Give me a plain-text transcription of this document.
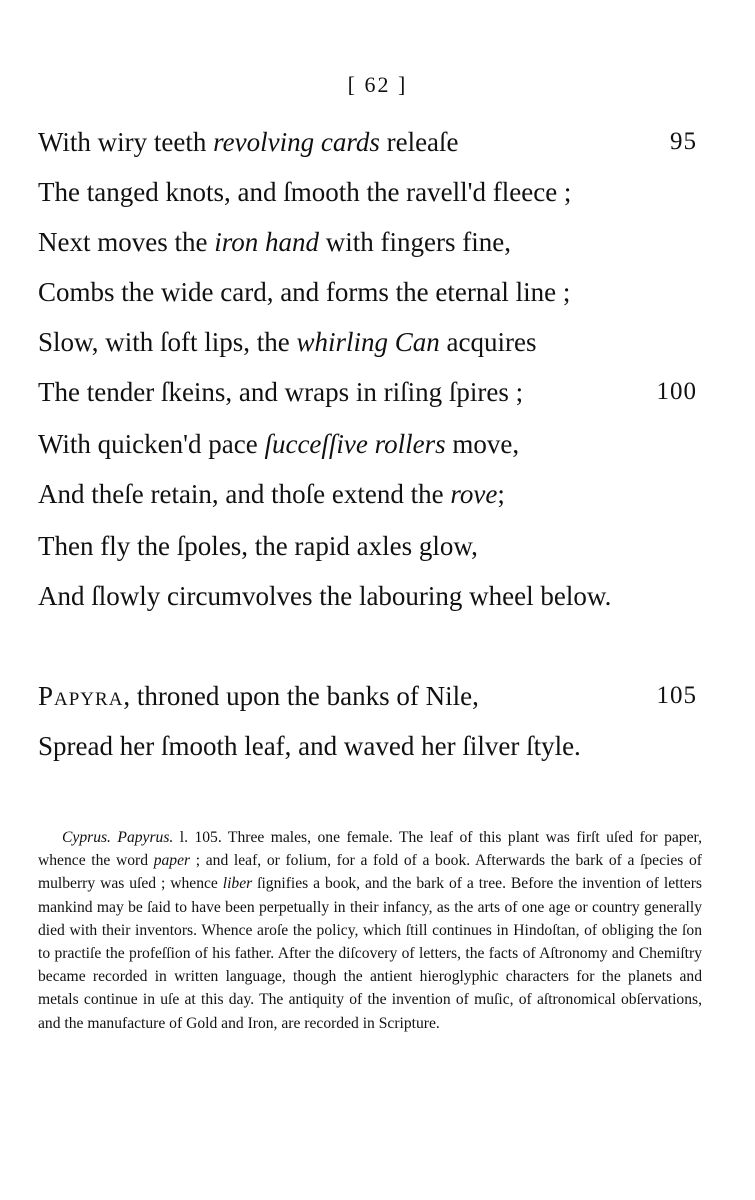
[ 62 ]
With wiry teeth revolving cards releaſe	95
The tanged knots, and ſmooth the ravell'd fleece ;
Next moves the iron hand with fingers fine,
Combs the wide card, and forms the eternal line ;
Slow, with ſoft lips, the whirling Can acquires
The tender ſkeins, and wraps in riſing ſpires ;	100
With quicken'd pace ſucceſſive rollers move,
And theſe retain, and thoſe extend the rove;
Then fly the ſpoles, the rapid axles glow,
And ſlowly circumvolves the labouring wheel below.
Papyra, throned upon the banks of Nile,	105
Spread her ſmooth leaf, and waved her ſilver ſtyle.
Cyprus. Papyrus. l. 105. Three males, one female. The leaf of this plant was firſt uſed for paper, whence the word paper ; and leaf, or folium, for a fold of a book. Afterwards the bark of a ſpecies of mulberry was uſed ; whence liber ſignifies a book, and the bark of a tree. Before the invention of letters mankind may be ſaid to have been perpetually in their infancy, as the arts of one age or country generally died with their inventors. Whence aroſe the policy, which ſtill continues in Hindoſtan, of obliging the ſon to practiſe the profeſſion of his father. After the diſcovery of letters, the facts of Aſtronomy and Chemiſtry became recorded in written language, though the antient hieroglyphic characters for the planets and metals continue in uſe at this day. The antiquity of the invention of muſic, of aſtronomical obſervations, and the manufacture of Gold and Iron, are recorded in Scripture.
